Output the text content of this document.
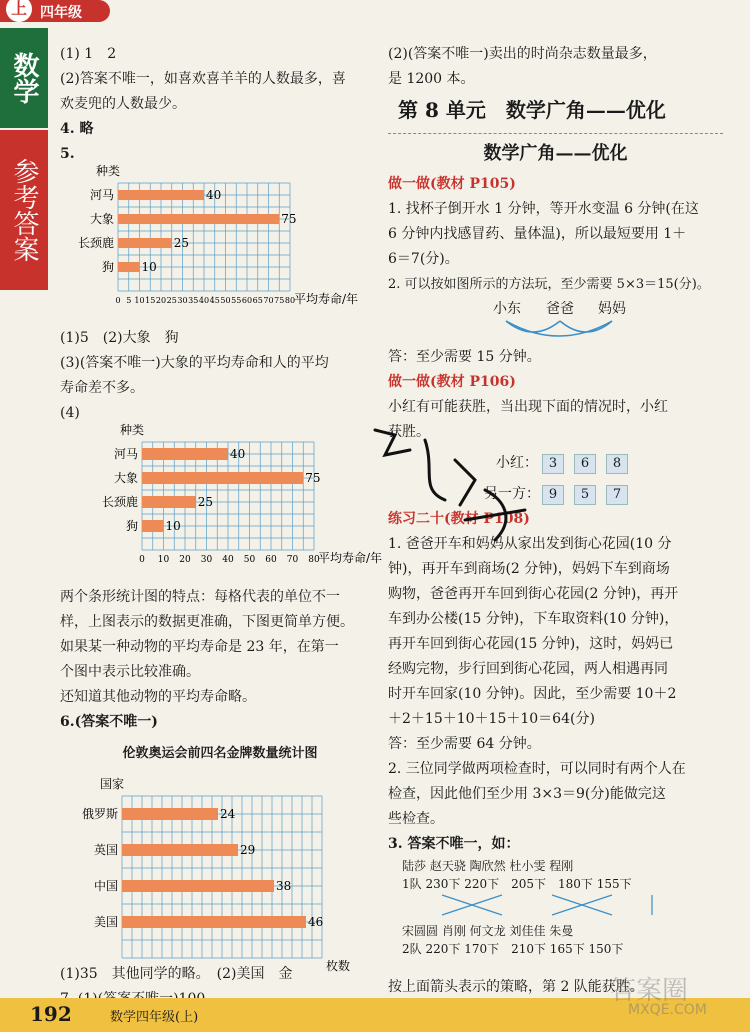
上 四年级
数学
参考答案
(1) 1　2
(2)答案不唯一，如喜欢喜羊羊的人数最多，喜
欢麦兜的人数最少。
4. 略
5.
种类
河马	40
大象	75
长颈鹿	25
狗 10
0 5 10 15 20 25 30 35 40 45 50 55 60 65 70 75 80
平均寿命/年
(1)5　(2)大象　狗
(3)(答案不唯一)大象的平均寿命和人的平均
寿命差不多。
(4)
种类
河马	40
大象	75
长颈鹿	25
狗 10
0 10 20 30 40 50 60 70 80
平均寿命/年
两个条形统计图的特点：每格代表的单位不一
样，上图表示的数据更准确，下图更简单方便。
如果某一种动物的平均寿命是 23 年，在第一
个图中表示比较准确。
还知道其他动物的平均寿命略。
6.(答案不唯一)
伦敦奥运会前四名金牌数量统计图
国家
俄罗斯	24
英国	29
中国	38
美国	46
枚数
(1)35　其他同学的略。　(2)美国　金
(2)(答案不唯一)卖出的时尚杂志数量最多，
是 1200 本。
第 8 单元　数学广角——优化
数学广角——优化
做一做(教材 P105)
1. 找杯子倒开水 1 分钟，等开水变温 6 分钟(在这
6 分钟内找感冒药、量体温)，所以最短要用 1＋
6＝7(分)。
2. 可以按如图所示的方法玩，至少需要 5×3＝15(分)。
小东 爸爸 妈妈
答：至少需要 15 分钟。
做一做(教材 P106)
小红有可能获胜，当出现下面的情况时，小红
获胜。
小红： 3 6 8
另一方： 9 5 7
练习二十(教材 P108)
1. 爸爸开车和妈妈从家出发到街心花园(10 分
钟)，再开车到商场(2 分钟)，妈妈下车到商场
购物，爸爸再开车回到街心花园(2 分钟)，再开
车到办公楼(15 分钟)，下车取资料(10 分钟)，
再开车回到街心花园(15 分钟)，这时，妈妈已
经购完物，步行回到街心花园，两人相遇再同
时开车回家(10 分钟)。因此，至少需要 10＋2
＋2＋15＋10＋15＋10＝64(分)
答：至少需要 64 分钟。
2. 三位同学做两项检查时，可以同时有两个人在
检查，因此他们至少用 3×3＝9(分)能做完这
些检查。
3. 答案不唯一，如：
陆莎 赵天骁 陶欣然 杜小雯 程刚
1队 230下 220下　205下　180下 155下
宋圆圆 肖刚 何文龙 刘佳佳 朱曼
2队 220下 170下　210下 165下 150下
按上面箭头表示的策略，第 2 队能获胜。
192	数学四年级(上)
答案圈
MXQE.COM
